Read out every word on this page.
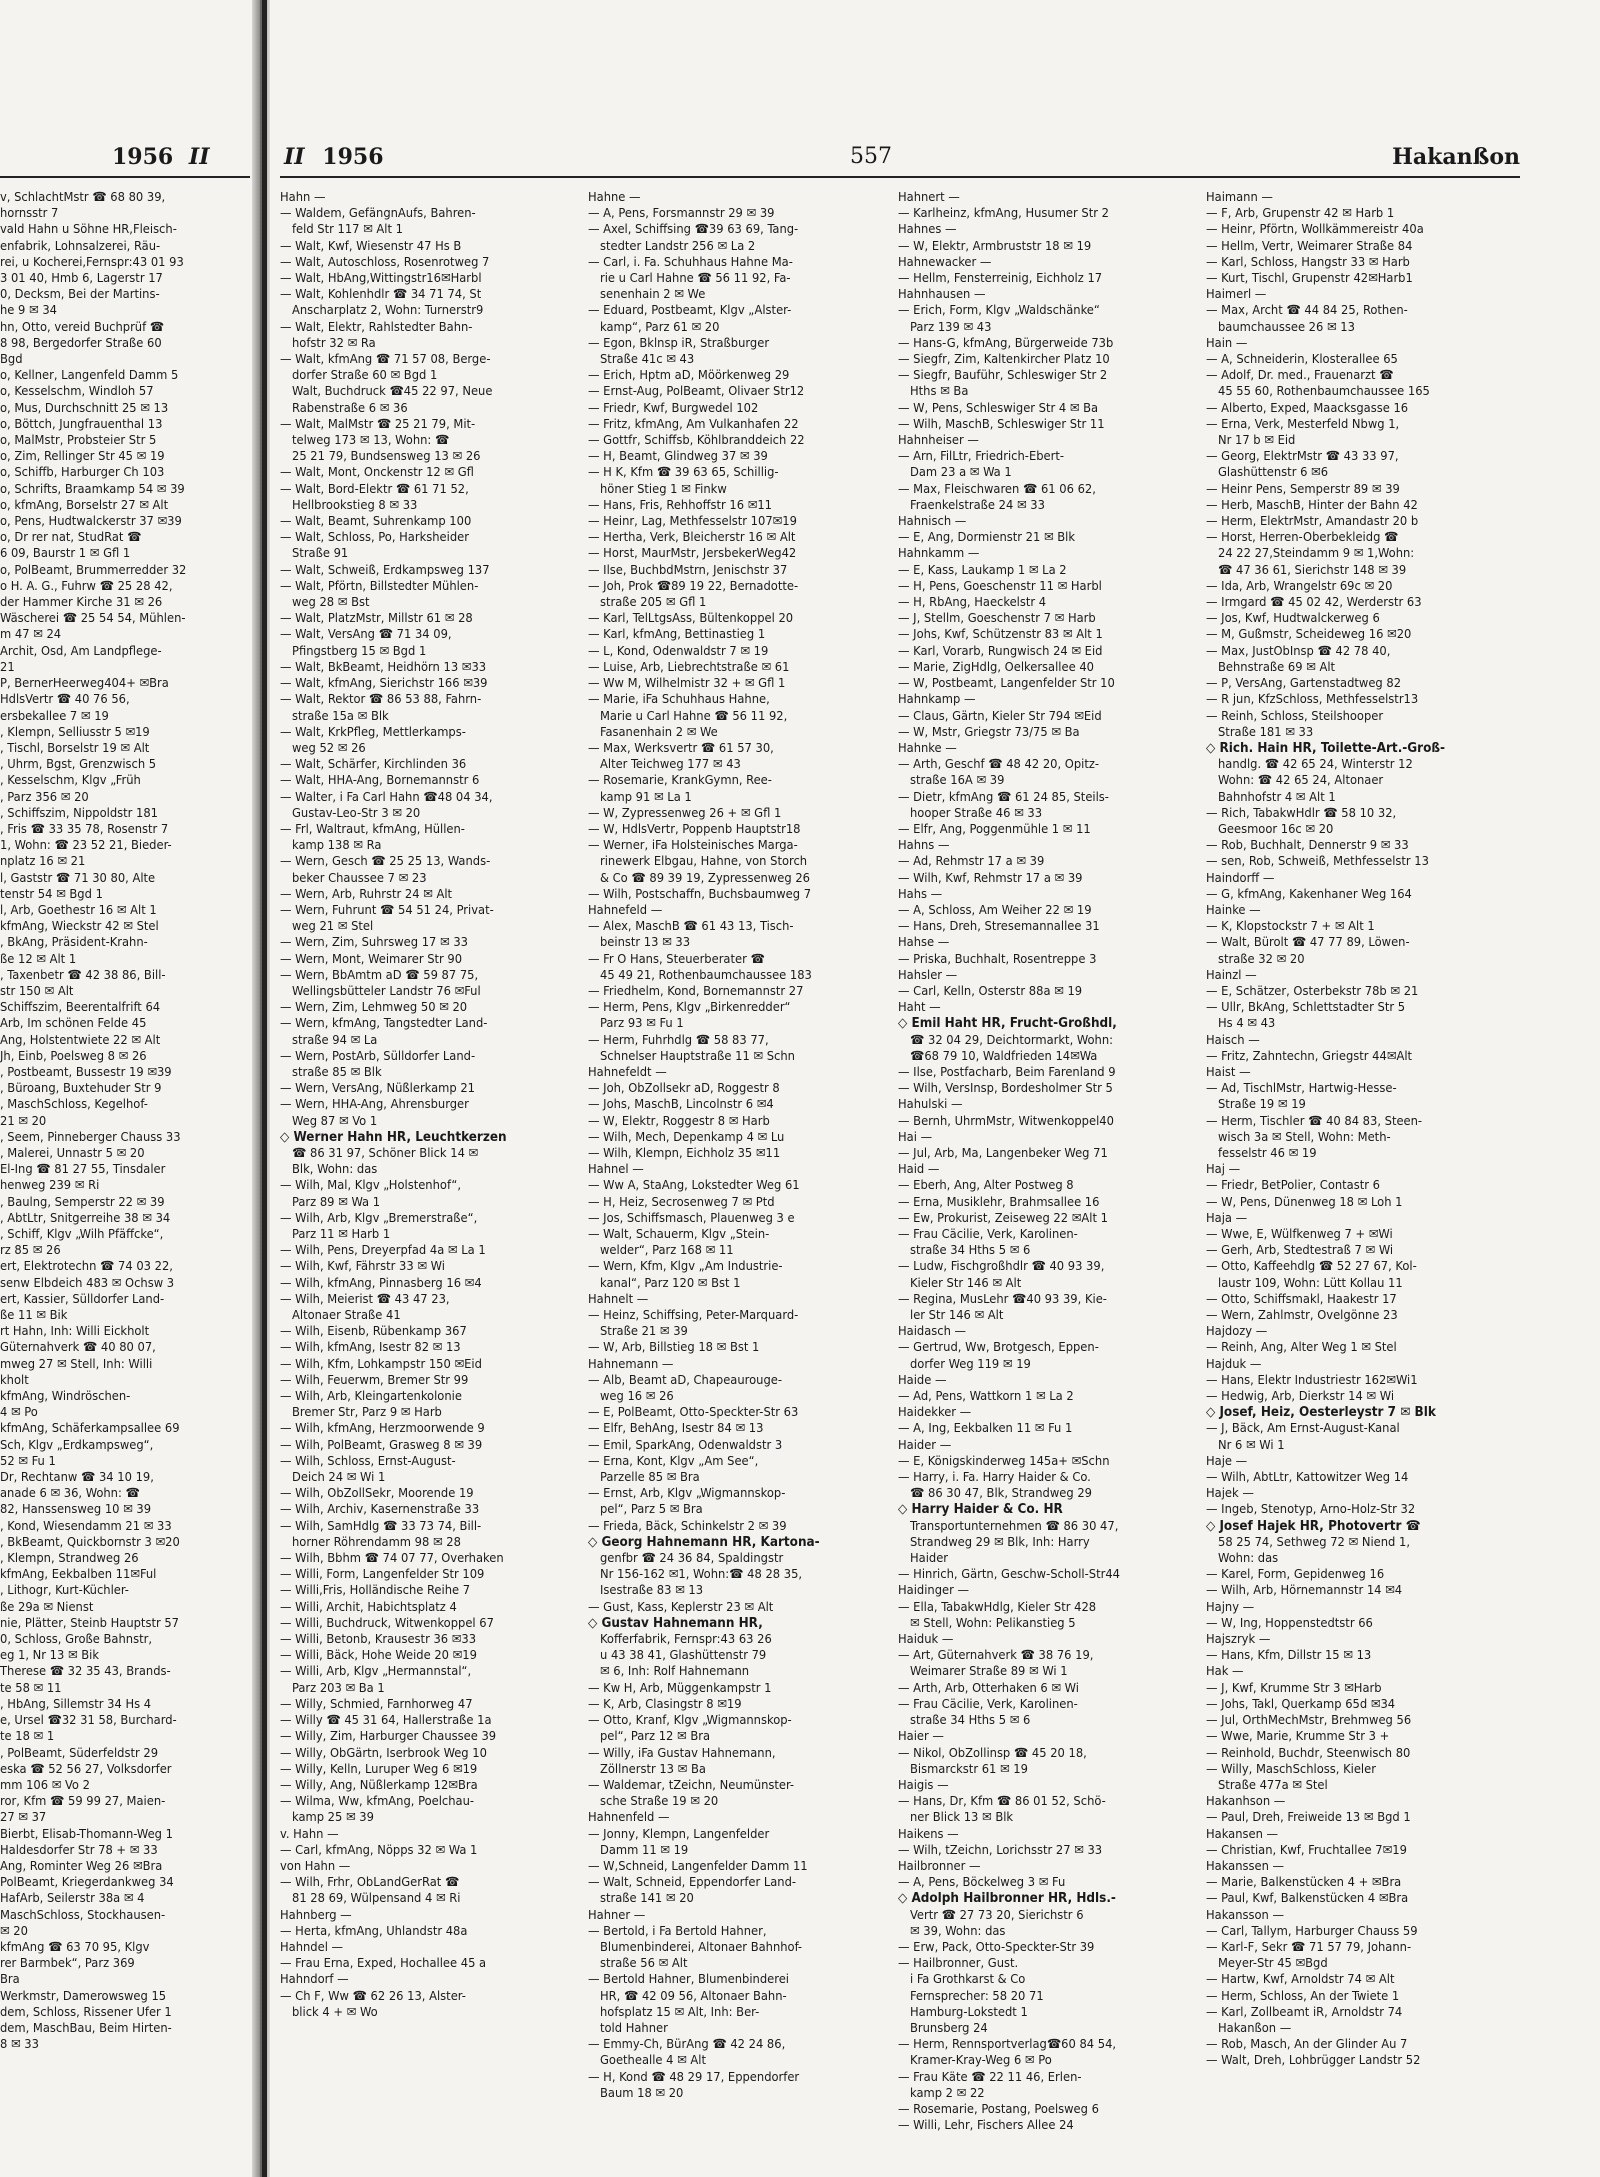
1956 II
v, SchlachtMstr ☎ 68 80 39,
hornsstr 7
vald Hahn u Söhne HR,Fleisch-
enfabrik, Lohnsalzerei, Räu-
rei, u Kocherei,Fernspr:43 01 93
3 01 40, Hmb 6, Lagerstr 17
0, Decksm, Bei der Martins-
he 9 ✉ 34
hn, Otto, vereid Buchprüf ☎
8 98, Bergedorfer Straße 60
Bgd
o, Kellner, Langenfeld Damm 5
o, Kesselschm, Windloh 57
o, Mus, Durchschnitt 25 ✉ 13
o, Böttch, Jungfrauenthal 13
o, MalMstr, Probsteier Str 5
o, Zim, Rellinger Str 45 ✉ 19
o, Schiffb, Harburger Ch 103
o, Schrifts, Braamkamp 54 ✉ 39
o, kfmAng, Borselstr 27 ✉ Alt
o, Pens, Hudtwalckerstr 37 ✉39
o, Dr rer nat, StudRat ☎
6 09, Baurstr 1 ✉ Gfl 1
o, PolBeamt, Brummerredder 32
o H. A. G., Fuhrw ☎ 25 28 42,
der Hammer Kirche 31 ✉ 26
Wäscherei ☎ 25 54 54, Mühlen-
m 47 ✉ 24
Archit, Osd, Am Landpflege-
21
P, BernerHeerweg404+ ✉Bra
HdlsVertr ☎ 40 76 56,
ersbekallee 7 ✉ 19
, Klempn, Selliusstr 5 ✉19
, Tischl, Borselstr 19 ✉ Alt
, Uhrm, Bgst, Grenzwisch 5
, Kesselschm, Klgv „Früh
, Parz 356 ✉ 20
, Schiffszim, Nippoldstr 181
, Fris ☎ 33 35 78, Rosenstr 7
1, Wohn: ☎ 23 52 21, Bieder-
nplatz 16 ✉ 21
l, Gaststr ☎ 71 30 80, Alte
tenstr 54 ✉ Bgd 1
l, Arb, Goethestr 16 ✉ Alt 1
kfmAng, Wieckstr 42 ✉ Stel
, BkAng, Präsident-Krahn-
ße 12 ✉ Alt 1
, Taxenbetr ☎ 42 38 86, Bill-
str 150 ✉ Alt
Schiffszim, Beerentalfrift 64
Arb, Im schönen Felde 45
Ang, Holstentwiete 22 ✉ Alt
Jh, Einb, Poelsweg 8 ✉ 26
, Postbeamt, Bussestr 19 ✉39
, Büroang, Buxtehuder Str 9
, MaschSchloss, Kegelhof-
21 ✉ 20
, Seem, Pinneberger Chauss 33
, Malerei, Unnastr 5 ✉ 20
El-Ing ☎ 81 27 55, Tinsdaler
henweg 239 ✉ Ri
, Baulng, Semperstr 22 ✉ 39
, AbtLtr, Snitgerreihe 38 ✉ 34
, Schiff, Klgv „Wilh Pfäffcke“,
rz 85 ✉ 26
ert, Elektrotechn ☎ 74 03 22,
senw Elbdeich 483 ✉ Ochsw 3
ert, Kassier, Sülldorfer Land-
ße 11 ✉ Bik
rt Hahn, Inh: Willi Eickholt
Güternahverk ☎ 40 80 07,
mweg 27 ✉ Stell, Inh: Willi
kholt
kfmAng, Windröschen-
4 ✉ Po
kfmAng, Schäferkampsallee 69
Sch, Klgv „Erdkampsweg“,
52 ✉ Fu 1
Dr, Rechtanw ☎ 34 10 19,
anade 6 ✉ 36, Wohn: ☎
82, Hanssensweg 10 ✉ 39
, Kond, Wiesendamm 21 ✉ 33
, BkBeamt, Quickbornstr 3 ✉20
, Klempn, Strandweg 26
kfmAng, Eekbalben 11✉Ful
, Lithogr, Kurt-Küchler-
ße 29a ✉ Nienst
nie, Plätter, Steinb Hauptstr 57
0, Schloss, Große Bahnstr,
eg 1, Nr 13 ✉ Bik
Therese ☎ 32 35 43, Brands-
te 58 ✉ 11
, HbAng, Sillemstr 34 Hs 4
e, Ursel ☎32 31 58, Burchard-
te 18 ✉ 1
, PolBeamt, Süderfeldstr 29
eska ☎ 52 56 27, Volksdorfer
mm 106 ✉ Vo 2
ror, Kfm ☎ 59 99 27, Maien-
27 ✉ 37
Bierbt, Elisab-Thomann-Weg 1
Haldesdorfer Str 78 + ✉ 33
Ang, Rominter Weg 26 ✉Bra
PolBeamt, Kriegerdankweg 34
HafArb, Seilerstr 38a ✉ 4
MaschSchloss, Stockhausen-
✉ 20
kfmAng ☎ 63 70 95, Klgv
rer Barmbek“, Parz 369
Bra
Werkmstr, Damerowsweg 15
dem, Schloss, Rissener Ufer 1
dem, MaschBau, Beim Hirten-
8 ✉ 33
II 1956	557	Hakanßon
Hahn —
— Waldem, GefängnAufs, Bahren-
feld Str 117 ✉ Alt 1
— Walt, Kwf, Wiesenstr 47 Hs B
— Walt, Autoschloss, Rosenrotweg 7
— Walt, HbAng,Wittingstr16✉Harbl
— Walt, Kohlenhdlr ☎ 34 71 74, St
Anscharplatz 2, Wohn: Turnerstr9
— Walt, Elektr, Rahlstedter Bahn-
hofstr 32 ✉ Ra
— Walt, kfmAng ☎ 71 57 08, Berge-
dorfer Straße 60 ✉ Bgd 1
Walt, Buchdruck ☎45 22 97, Neue
Rabenstraße 6 ✉ 36
— Walt, MalMstr ☎ 25 21 79, Mit-
telweg 173 ✉ 13, Wohn: ☎
25 21 79, Bundsensweg 13 ✉ 26
— Walt, Mont, Onckenstr 12 ✉ Gfl
— Walt, Bord-Elektr ☎ 61 71 52,
Hellbrookstieg 8 ✉ 33
— Walt, Beamt, Suhrenkamp 100
— Walt, Schloss, Po, Harksheider
Straße 91
— Walt, Schweiß, Erdkampsweg 137
— Walt, Pförtn, Billstedter Mühlen-
weg 28 ✉ Bst
— Walt, PlatzMstr, Millstr 61 ✉ 28
— Walt, VersAng ☎ 71 34 09,
Pfingstberg 15 ✉ Bgd 1
— Walt, BkBeamt, Heidhörn 13 ✉33
— Walt, kfmAng, Sierichstr 166 ✉39
— Walt, Rektor ☎ 86 53 88, Fahrn-
straße 15a ✉ Blk
— Walt, KrkPfleg, Mettlerkamps-
weg 52 ✉ 26
— Walt, Schärfer, Kirchlinden 36
— Walt, HHA-Ang, Bornemannstr 6
— Walter, i Fa Carl Hahn ☎48 04 34,
Gustav-Leo-Str 3 ✉ 20
— Frl, Waltraut, kfmAng, Hüllen-
kamp 138 ✉ Ra
— Wern, Gesch ☎ 25 25 13, Wands-
beker Chaussee 7 ✉ 23
— Wern, Arb, Ruhrstr 24 ✉ Alt
— Wern, Fuhrunt ☎ 54 51 24, Privat-
weg 21 ✉ Stel
— Wern, Zim, Suhrsweg 17 ✉ 33
— Wern, Mont, Weimarer Str 90
— Wern, BbAmtm aD ☎ 59 87 75,
Wellingsbütteler Landstr 76 ✉Ful
— Wern, Zim, Lehmweg 50 ✉ 20
— Wern, kfmAng, Tangstedter Land-
straße 94 ✉ La
— Wern, PostArb, Sülldorfer Land-
straße 85 ✉ Blk
— Wern, VersAng, Nüßlerkamp 21
— Wern, HHA-Ang, Ahrensburger
Weg 87 ✉ Vo 1
◇ Werner Hahn HR, Leuchtkerzen
☎ 86 31 97, Schöner Blick 14 ✉
Blk, Wohn: das
— Wilh, Mal, Klgv „Holstenhof“,
Parz 89 ✉ Wa 1
— Wilh, Arb, Klgv „Bremerstraße“,
Parz 11 ✉ Harb 1
— Wilh, Pens, Dreyerpfad 4a ✉ La 1
— Wilh, Kwf, Fährstr 33 ✉ Wi
— Wilh, kfmAng, Pinnasberg 16 ✉4
— Wilh, Meierist ☎ 43 47 23,
Altonaer Straße 41
— Wilh, Eisenb, Rübenkamp 367
— Wilh, kfmAng, Isestr 82 ✉ 13
— Wilh, Kfm, Lohkampstr 150 ✉Eid
— Wilh, Feuerwm, Bremer Str 99
— Wilh, Arb, Kleingartenkolonie
Bremer Str, Parz 9 ✉ Harb
— Wilh, kfmAng, Herzmoorwende 9
— Wilh, PolBeamt, Grasweg 8 ✉ 39
— Wilh, Schloss, Ernst-August-
Deich 24 ✉ Wi 1
— Wilh, ObZollSekr, Moorende 19
— Wilh, Archiv, Kasernenstraße 33
— Wilh, SamHdlg ☎ 33 73 74, Bill-
horner Röhrendamm 98 ✉ 28
— Wilh, Bbhm ☎ 74 07 77, Overhaken
— Willi, Form, Langenfelder Str 109
— Willi,Fris, Holländische Reihe 7
— Willi, Archit, Habichtsplatz 4
— Willi, Buchdruck, Witwenkoppel 67
— Willi, Betonb, Krausestr 36 ✉33
— Willi, Bäck, Hohe Weide 20 ✉19
— Willi, Arb, Klgv „Hermannstal“,
Parz 203 ✉ Ba 1
— Willy, Schmied, Farnhorweg 47
— Willy ☎ 45 31 64, Hallerstraße 1a
— Willy, Zim, Harburger Chaussee 39
— Willy, ObGärtn, Iserbrook Weg 10
— Willy, Kelln, Luruper Weg 6 ✉19
— Willy, Ang, Nüßlerkamp 12✉Bra
— Wilma, Ww, kfmAng, Poelchau-
kamp 25 ✉ 39
v. Hahn —
— Carl, kfmAng, Nöpps 32 ✉ Wa 1
von Hahn —
— Wilh, Frhr, ObLandGerRat ☎
81 28 69, Wülpensand 4 ✉ Ri
Hahnberg —
— Herta, kfmAng, Uhlandstr 48a
Hahndel —
— Frau Erna, Exped, Hochallee 45 a
Hahndorf —
— Ch F, Ww ☎ 62 26 13, Alster-
blick 4 + ✉ Wo
Hahne —
— A, Pens, Forsmannstr 29 ✉ 39
— Axel, Schiffsing ☎39 63 69, Tang-
stedter Landstr 256 ✉ La 2
— Carl, i. Fa. Schuhhaus Hahne Ma-
rie u Carl Hahne ☎ 56 11 92, Fa-
senenhain 2 ✉ We
— Eduard, Postbeamt, Klgv „Alster-
kamp“, Parz 61 ✉ 20
— Egon, Bklnsp iR, Straßburger
Straße 41c ✉ 43
— Erich, Hptm aD, Möörkenweg 29
— Ernst-Aug, PolBeamt, Olivaer Str12
— Friedr, Kwf, Burgwedel 102
— Fritz, kfmAng, Am Vulkanhafen 22
— Gottfr, Schiffsb, Köhlbranddeich 22
— H, Beamt, Glindweg 37 ✉ 39
— H K, Kfm ☎ 39 63 65, Schillig-
höner Stieg 1 ✉ Finkw
— Hans, Fris, Rehhoffstr 16 ✉11
— Heinr, Lag, Methfesselstr 107✉19
— Hertha, Verk, Bleicherstr 16 ✉ Alt
— Horst, MaurMstr, JersbekerWeg42
— Ilse, BuchbdMstrn, Jenischstr 37
— Joh, Prok ☎89 19 22, Bernadotte-
straße 205 ✉ Gfl 1
— Karl, TelLtgsAss, Bültenkoppel 20
— Karl, kfmAng, Bettinastieg 1
— L, Kond, Odenwaldstr 7 ✉ 19
— Luise, Arb, Liebrechtstraße ✉ 61
— Ww M, Wilhelmistr 32 + ✉ Gfl 1
— Marie, iFa Schuhhaus Hahne,
Marie u Carl Hahne ☎ 56 11 92,
Fasanenhain 2 ✉ We
— Max, Werksvertr ☎ 61 57 30,
Alter Teichweg 177 ✉ 43
— Rosemarie, KrankGymn, Ree-
kamp 91 ✉ La 1
— W, Zypressenweg 26 + ✉ Gfl 1
— W, HdlsVertr, Poppenb Hauptstr18
— Werner, iFa Holsteinisches Marga-
rinewerk Elbgau, Hahne, von Storch
& Co ☎ 89 39 19, Zypressenweg 26
— Wilh, Postschaffn, Buchsbaumweg 7
Hahnefeld —
— Alex, MaschB ☎ 61 43 13, Tisch-
beinstr 13 ✉ 33
— Fr O Hans, Steuerberater ☎
45 49 21, Rothenbaumchaussee 183
— Friedhelm, Kond, Bornemannstr 27
— Herm, Pens, Klgv „Birkenredder“
Parz 93 ✉ Fu 1
— Herm, Fuhrhdlg ☎ 58 83 77,
Schnelser Hauptstraße 11 ✉ Schn
Hahnefeldt —
— Joh, ObZollsekr aD, Roggestr 8
— Johs, MaschB, Lincolnstr 6 ✉4
— W, Elektr, Roggestr 8 ✉ Harb
— Wilh, Mech, Depenkamp 4 ✉ Lu
— Wilh, Klempn, Eichholz 35 ✉11
Hahnel —
— Ww A, StaAng, Lokstedter Weg 61
— H, Heiz, Secrosenweg 7 ✉ Ptd
— Jos, Schiffsmasch, Plauenweg 3 e
— Walt, Schauerm, Klgv „Stein-
welder“, Parz 168 ✉ 11
— Wern, Kfm, Klgv „Am Industrie-
kanal“, Parz 120 ✉ Bst 1
Hahnelt —
— Heinz, Schiffsing, Peter-Marquard-
Straße 21 ✉ 39
— W, Arb, Billstieg 18 ✉ Bst 1
Hahnemann —
— Alb, Beamt aD, Chapeaurouge-
weg 16 ✉ 26
— E, PolBeamt, Otto-Speckter-Str 63
— Elfr, BehAng, Isestr 84 ✉ 13
— Emil, SparkAng, Odenwaldstr 3
— Erna, Kont, Klgv „Am See“,
Parzelle 85 ✉ Bra
— Ernst, Arb, Klgv „Wigmannskop-
pel“, Parz 5 ✉ Bra
— Frieda, Bäck, Schinkelstr 2 ✉ 39
◇ Georg Hahnemann HR, Kartona-
genfbr ☎ 24 36 84, Spaldingstr
Nr 156-162 ✉1, Wohn:☎ 48 28 35,
Isestraße 83 ✉ 13
— Gust, Kass, Keplerstr 23 ✉ Alt
◇ Gustav Hahnemann HR,
Kofferfabrik, Fernspr:43 63 26
u 43 38 41, Glashüttenstr 79
✉ 6, Inh: Rolf Hahnemann
— Kw H, Arb, Müggenkampstr 1
— K, Arb, Clasingstr 8 ✉19
— Otto, Kranf, Klgv „Wigmannskop-
pel“, Parz 12 ✉ Bra
— Willy, iFa Gustav Hahnemann,
Zöllnerstr 13 ✉ Ba
— Waldemar, tZeichn, Neumünster-
sche Straße 19 ✉ 20
Hahnenfeld —
— Jonny, Klempn, Langenfelder
Damm 11 ✉ 19
— W,Schneid, Langenfelder Damm 11
— Walt, Schneid, Eppendorfer Land-
straße 141 ✉ 20
Hahner —
— Bertold, i Fa Bertold Hahner,
Blumenbinderei, Altonaer Bahnhof-
straße 56 ✉ Alt
— Bertold Hahner, Blumenbinderei
HR, ☎ 42 09 56, Altonaer Bahn-
hofsplatz 15 ✉ Alt, Inh: Ber-
told Hahner
— Emmy-Ch, BürAng ☎ 42 24 86,
Goethealle 4 ✉ Alt
— H, Kond ☎ 48 29 17, Eppendorfer
Baum 18 ✉ 20
Hahnert —
— Karlheinz, kfmAng, Husumer Str 2
Hahnes —
— W, Elektr, Armbruststr 18 ✉ 19
Hahnewacker —
— Hellm, Fensterreinig, Eichholz 17
Hahnhausen —
— Erich, Form, Klgv „Waldschänke“
Parz 139 ✉ 43
— Hans-G, kfmAng, Bürgerweide 73b
— Siegfr, Zim, Kaltenkircher Platz 10
— Siegfr, Bauführ, Schleswiger Str 2
Hths ✉ Ba
— W, Pens, Schleswiger Str 4 ✉ Ba
— Wilh, MaschB, Schleswiger Str 11
Hahnheiser —
— Arn, FilLtr, Friedrich-Ebert-
Dam 23 a ✉ Wa 1
— Max, Fleischwaren ☎ 61 06 62,
Fraenkelstraße 24 ✉ 33
Hahnisch —
— E, Ang, Dormienstr 21 ✉ Blk
Hahnkamm —
— E, Kass, Laukamp 1 ✉ La 2
— H, Pens, Goeschenstr 11 ✉ Harbl
— H, RbAng, Haeckelstr 4
— J, Stellm, Goeschenstr 7 ✉ Harb
— Johs, Kwf, Schützenstr 83 ✉ Alt 1
— Karl, Vorarb, Rungwisch 24 ✉ Eid
— Marie, ZigHdlg, Oelkersallee 40
— W, Postbeamt, Langenfelder Str 10
Hahnkamp —
— Claus, Gärtn, Kieler Str 794 ✉Eid
— W, Mstr, Griegstr 73/75 ✉ Ba
Hahnke —
— Arth, Geschf ☎ 48 42 20, Opitz-
straße 16A ✉ 39
— Dietr, kfmAng ☎ 61 24 85, Steils-
hooper Straße 46 ✉ 33
— Elfr, Ang, Poggenmühle 1 ✉ 11
Hahns —
— Ad, Rehmstr 17 a ✉ 39
— Wilh, Kwf, Rehmstr 17 a ✉ 39
Hahs —
— A, Schloss, Am Weiher 22 ✉ 19
— Hans, Dreh, Stresemannallee 31
Hahse —
— Priska, Buchhalt, Rosentreppe 3
Hahsler —
— Carl, Kelln, Osterstr 88a ✉ 19
Haht —
◇ Emil Haht HR, Frucht-Großhdl,
☎ 32 04 29, Deichtormarkt, Wohn:
☎68 79 10, Waldfrieden 14✉Wa
— Ilse, Postfacharb, Beim Farenland 9
— Wilh, VersInsp, Bordesholmer Str 5
Hahulski —
— Bernh, UhrmMstr, Witwenkoppel40
Hai —
— Jul, Arb, Ma, Langenbeker Weg 71
Haid —
— Eberh, Ang, Alter Postweg 8
— Erna, Musiklehr, Brahmsallee 16
— Ew, Prokurist, Zeiseweg 22 ✉Alt 1
— Frau Cäcilie, Verk, Karolinen-
straße 34 Hths 5 ✉ 6
— Ludw, Fischgroßhdlr ☎ 40 93 39,
Kieler Str 146 ✉ Alt
— Regina, MusLehr ☎40 93 39, Kie-
ler Str 146 ✉ Alt
Haidasch —
— Gertrud, Ww, Brotgesch, Eppen-
dorfer Weg 119 ✉ 19
Haide —
— Ad, Pens, Wattkorn 1 ✉ La 2
Haidekker —
— A, Ing, Eekbalken 11 ✉ Fu 1
Haider —
— E, Königskinderweg 145a+ ✉Schn
— Harry, i. Fa. Harry Haider & Co.
☎ 86 30 47, Blk, Strandweg 29
◇ Harry Haider & Co. HR
Transportunternehmen ☎ 86 30 47,
Strandweg 29 ✉ Blk, Inh: Harry
Haider
— Hinrich, Gärtn, Geschw-Scholl-Str44
Haidinger —
— Ella, TabakwHdlg, Kieler Str 428
✉ Stell, Wohn: Pelikanstieg 5
Haiduk —
— Art, Güternahverk ☎ 38 76 19,
Weimarer Straße 89 ✉ Wi 1
— Arth, Arb, Otterhaken 6 ✉ Wi
— Frau Cäcilie, Verk, Karolinen-
straße 34 Hths 5 ✉ 6
Haier —
— Nikol, ObZollinsp ☎ 45 20 18,
Bismarckstr 61 ✉ 19
Haigis —
— Hans, Dr, Kfm ☎ 86 01 52, Schö-
ner Blick 13 ✉ Blk
Haikens —
— Wilh, tZeichn, Lorichsstr 27 ✉ 33
Hailbronner —
— A, Pens, Böckelweg 3 ✉ Fu
◇ Adolph Hailbronner HR, Hdls.-
Vertr ☎ 27 73 20, Sierichstr 6
✉ 39, Wohn: das
— Erw, Pack, Otto-Speckter-Str 39
— Hailbronner, Gust.
i Fa Grothkarst & Co
Fernsprecher: 58 20 71
Hamburg-Lokstedt 1
Brunsberg 24
— Herm, Rennsportverlag☎60 84 54,
Kramer-Kray-Weg 6 ✉ Po
— Frau Käte ☎ 22 11 46, Erlen-
kamp 2 ✉ 22
— Rosemarie, Postang, Poelsweg 6
— Willi, Lehr, Fischers Allee 24
Haimann —
— F, Arb, Grupenstr 42 ✉ Harb 1
— Heinr, Pförtn, Wollkämmereistr 40a
— Hellm, Vertr, Weimarer Straße 84
— Karl, Schloss, Hangstr 33 ✉ Harb
— Kurt, Tischl, Grupenstr 42✉Harb1
Haimerl —
— Max, Archt ☎ 44 84 25, Rothen-
baumchaussee 26 ✉ 13
Hain —
— A, Schneiderin, Klosterallee 65
— Adolf, Dr. med., Frauenarzt ☎
45 55 60, Rothenbaumchaussee 165
— Alberto, Exped, Maacksgasse 16
— Erna, Verk, Mesterfeld Nbwg 1,
Nr 17 b ✉ Eid
— Georg, ElektrMstr ☎ 43 33 97,
Glashüttenstr 6 ✉6
— Heinr Pens, Semperstr 89 ✉ 39
— Herb, MaschB, Hinter der Bahn 42
— Herm, ElektrMstr, Amandastr 20 b
— Horst, Herren-Oberbekleidg ☎
24 22 27,Steindamm 9 ✉ 1,Wohn:
☎ 47 36 61, Sierichstr 148 ✉ 39
— Ida, Arb, Wrangelstr 69c ✉ 20
— Irmgard ☎ 45 02 42, Werderstr 63
— Jos, Kwf, Hudtwalckerweg 6
— M, Gußmstr, Scheideweg 16 ✉20
— Max, JustObInsp ☎ 42 78 40,
Behnstraße 69 ✉ Alt
— P, VersAng, Gartenstadtweg 82
— R jun, KfzSchloss, Methfesselstr13
— Reinh, Schloss, Steilshooper
Straße 181 ✉ 33
◇ Rich. Hain HR, Toilette-Art.-Groß-
handlg. ☎ 42 65 24, Winterstr 12
Wohn: ☎ 42 65 24, Altonaer
Bahnhofstr 4 ✉ Alt 1
— Rich, TabakwHdlr ☎ 58 10 32,
Geesmoor 16c ✉ 20
— Rob, Buchhalt, Dennerstr 9 ✉ 33
— sen, Rob, Schweiß, Methfesselstr 13
Haindorff —
— G, kfmAng, Kakenhaner Weg 164
Hainke —
— K, Klopstockstr 7 + ✉ Alt 1
— Walt, Bürolt ☎ 47 77 89, Löwen-
straße 32 ✉ 20
Hainzl —
— E, Schätzer, Osterbekstr 78b ✉ 21
— Ullr, BkAng, Schlettstadter Str 5
Hs 4 ✉ 43
Haisch —
— Fritz, Zahntechn, Griegstr 44✉Alt
Haist —
— Ad, TischlMstr, Hartwig-Hesse-
Straße 19 ✉ 19
— Herm, Tischler ☎ 40 84 83, Steen-
wisch 3a ✉ Stell, Wohn: Meth-
fesselstr 46 ✉ 19
Haj —
— Friedr, BetPolier, Contastr 6
— W, Pens, Dünenweg 18 ✉ Loh 1
Haja —
— Wwe, E, Wülfkenweg 7 + ✉Wi
— Gerh, Arb, Stedtestraß 7 ✉ Wi
— Otto, Kaffeehdlg ☎ 52 27 67, Kol-
laustr 109, Wohn: Lütt Kollau 11
— Otto, Schiffsmakl, Haakestr 17
— Wern, Zahlmstr, Ovelgönne 23
Hajdozy —
— Reinh, Ang, Alter Weg 1 ✉ Stel
Hajduk —
— Hans, Elektr Industriestr 162✉Wi1
— Hedwig, Arb, Dierkstr 14 ✉ Wi
◇ Josef, Heiz, Oesterleystr 7 ✉ Blk
— J, Bäck, Am Ernst-August-Kanal
Nr 6 ✉ Wi 1
Haje —
— Wilh, AbtLtr, Kattowitzer Weg 14
Hajek —
— Ingeb, Stenotyp, Arno-Holz-Str 32
◇ Josef Hajek HR, Photovertr ☎
58 25 74, Sethweg 72 ✉ Niend 1,
Wohn: das
— Karel, Form, Gepidenweg 16
— Wilh, Arb, Hörnemannstr 14 ✉4
Hajny —
— W, Ing, Hoppenstedtstr 66
Hajszryk —
— Hans, Kfm, Dillstr 15 ✉ 13
Hak —
— J, Kwf, Krumme Str 3 ✉Harb
— Johs, Takl, Querkamp 65d ✉34
— Jul, OrthMechMstr, Brehmweg 56
— Wwe, Marie, Krumme Str 3 +
— Reinhold, Buchdr, Steenwisch 80
— Willy, MaschSchloss, Kieler
Straße 477a ✉ Stel
Hakanhson —
— Paul, Dreh, Freiweide 13 ✉ Bgd 1
Hakansen —
— Christian, Kwf, Fruchtallee 7✉19
Hakanssen —
— Marie, Balkenstücken 4 + ✉Bra
— Paul, Kwf, Balkenstücken 4 ✉Bra
Hakansson —
— Carl, Tallym, Harburger Chauss 59
— Karl-F, Sekr ☎ 71 57 79, Johann-
Meyer-Str 45 ✉Bgd
— Hartw, Kwf, Arnoldstr 74 ✉ Alt
— Herm, Schloss, An der Twiete 1
— Karl, Zollbeamt iR, Arnoldstr 74
Hakanßon —
— Rob, Masch, An der Glinder Au 7
— Walt, Dreh, Lohbrügger Landstr 52
